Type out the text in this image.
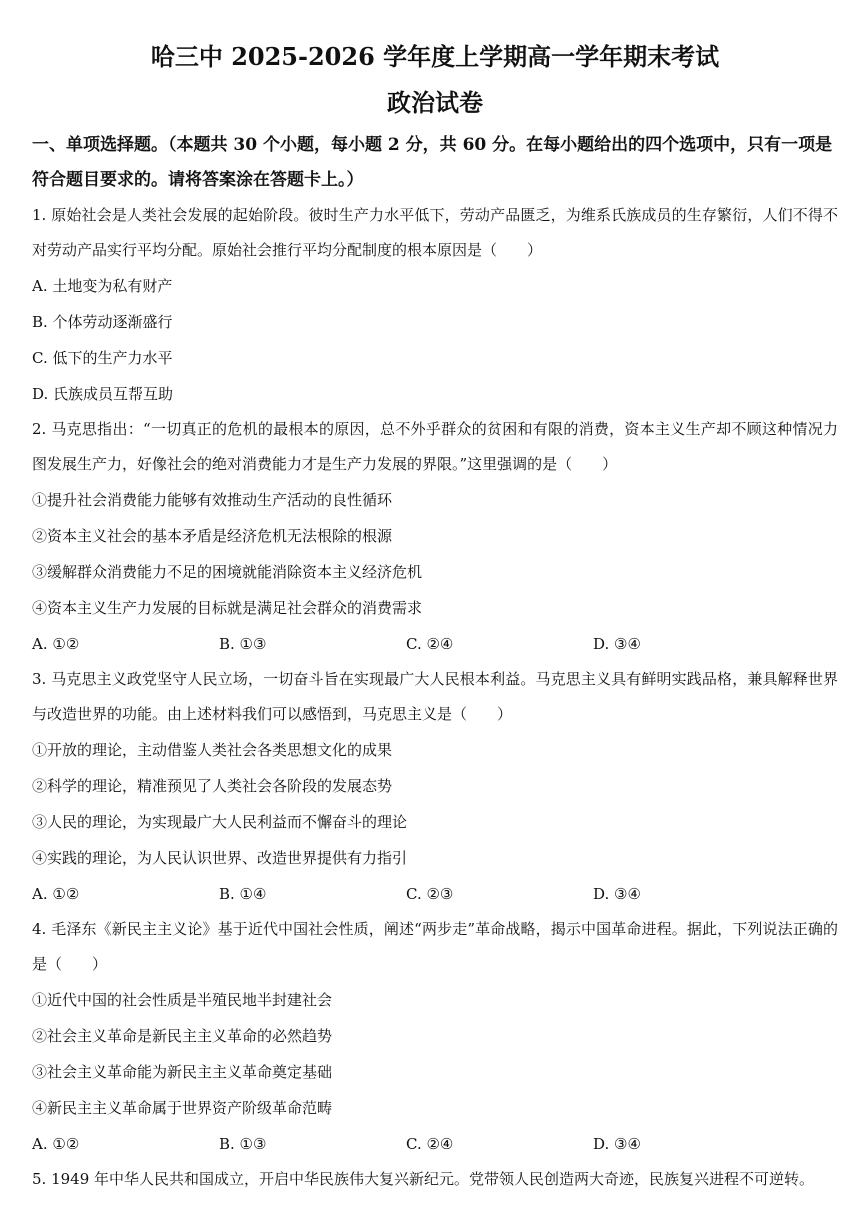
哈三中 2025-2026 学年度上学期高一学年期末考试
政治试卷

一、单项选择题。（本题共 30 个小题，每小题 2 分，共 60 分。在每小题给出的四个选项中，只有一项是符合题目要求的。请将答案涂在答题卡上。）

1. 原始社会是人类社会发展的起始阶段。彼时生产力水平低下，劳动产品匮乏，为维系氏族成员的生存繁衍，人们不得不对劳动产品实行平均分配。原始社会推行平均分配制度的根本原因是（　　）

A. 土地变为私有财产

B. 个体劳动逐渐盛行

C. 低下的生产力水平

D. 氏族成员互帮互助

2. 马克思指出：“一切真正的危机的最根本的原因，总不外乎群众的贫困和有限的消费，资本主义生产却不顾这种情况力图发展生产力，好像社会的绝对消费能力才是生产力发展的界限。”这里强调的是（　　）

①提升社会消费能力能够有效推动生产活动的良性循环

②资本主义社会的基本矛盾是经济危机无法根除的根源

③缓解群众消费能力不足的困境就能消除资本主义经济危机

④资本主义生产力发展的目标就是满足社会群众的消费需求

A. ①②	B. ①③	C. ②④	D. ③④

3. 马克思主义政党坚守人民立场，一切奋斗旨在实现最广大人民根本利益。马克思主义具有鲜明实践品格，兼具解释世界与改造世界的功能。由上述材料我们可以感悟到，马克思主义是（　　）

①开放的理论，主动借鉴人类社会各类思想文化的成果

②科学的理论，精准预见了人类社会各阶段的发展态势

③人民的理论，为实现最广大人民利益而不懈奋斗的理论

④实践的理论，为人民认识世界、改造世界提供有力指引

A. ①②	B. ①④	C. ②③	D. ③④

4. 毛泽东《新民主主义论》基于近代中国社会性质，阐述“两步走”革命战略，揭示中国革命进程。据此，下列说法正确的是（　　）

①近代中国的社会性质是半殖民地半封建社会

②社会主义革命是新民主主义革命的必然趋势

③社会主义革命能为新民主主义革命奠定基础

④新民主主义革命属于世界资产阶级革命范畴

A. ①②	B. ①③	C. ②④	D. ③④

5. 1949 年中华人民共和国成立，开启中华民族伟大复兴新纪元。党带领人民创造两大奇迹，民族复兴进程不可逆转。
